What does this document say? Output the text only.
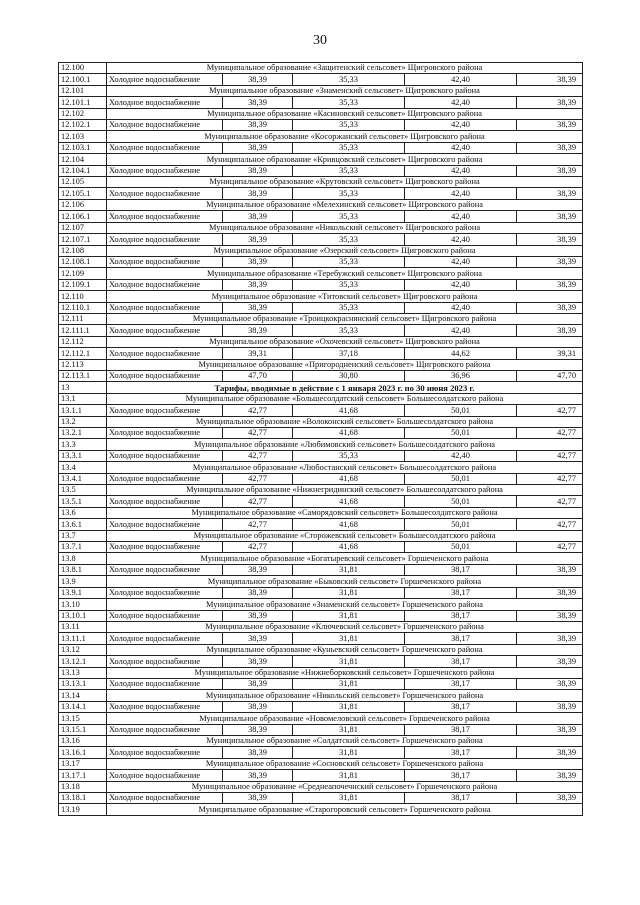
30
12.100	Муниципальное образование «Защитенский сельсовет» Щигровского района				
12.100.1	Холодное водоснабжение	38,39	35,33	42,40	38,39
12.101	Муниципальное образование «Знаменский сельсовет» Щигровского района				
12.101.1	Холодное водоснабжение	38,39	35,33	42,40	38,39
12.102	Муниципальное образование «Касиновский сельсовет» Щигровского района				
12.102.1	Холодное водоснабжение	38,39	35,33	42,40	38,39
12.103	Муниципальное образование «Косоржанский сельсовет» Щигровского района				
12.103.1	Холодное водоснабжение	38,39	35,33	42,40	38,39
12.104	Муниципальное образование «Кривцовский сельсовет» Щигровского района				
12.104.1	Холодное водоснабжение	38,39	35,33	42,40	38,39
12.105	Муниципальное образование «Крутовский сельсовет» Щигровского района				
12.105.1	Холодное водоснабжение	38,39	35,33	42,40	38,39
12.106	Муниципальное образование «Мелехинский сельсовет» Щигровского района				
12.106.1	Холодное водоснабжение	38,39	35,33	42,40	38,39
12.107	Муниципальное образование «Никольский сельсовет» Щигровского района				
12.107.1	Холодное водоснабжение	38,39	35,33	42,40	38,39
12.108	Муниципальное образование «Озерский сельсовет» Щигровского района				
12.108.1	Холодное водоснабжение	38,39	35,33	42,40	38,39
12.109	Муниципальное образование «Теребужский сельсовет» Щигровского района				
12.109.1	Холодное водоснабжение	38,39	35,33	42,40	38,39
12.110	Муниципальное образование «Титовский сельсовет» Щигровского района				
12.110.1	Холодное водоснабжение	38,39	35,33	42,40	38,39
12.111	Муниципальное образование «Троицкокраснянский сельсовет» Щигровского района				
12.111.1	Холодное водоснабжение	38,39	35,33	42,40	38,39
12.112	Муниципальное образование «Охочевский сельсовет» Щигровского района				
12.112.1	Холодное водоснабжение	39,31	37,18	44,62	39,31
12.113	Муниципальное образование «Пригородненский сельсовет» Щигровского района				
12.113.1	Холодное водоснабжение	47,70	30,80	36,96	47,70
13	Тарифы, вводимые в действие с 1 января 2023 г. по 30 июня 2023 г.				
13.1	Муниципальное образование «Большесолдатский сельсовет» Большесолдатского района				
13.1.1	Холодное водоснабжение	42,77	41,68	50,01	42,77
13.2	Муниципальное образование «Волоконский сельсовет» Большесолдатского района				
13.2.1	Холодное водоснабжение	42,77	41,68	50,01	42,77
13.3	Муниципальное образование «Любимовский сельсовет» Большесолдатского района				
13.3.1	Холодное водоснабжение	42,77	35,33	42,40	42,77
13.4	Муниципальное образование «Любостанский сельсовет» Большесолдатского района				
13.4.1	Холодное водоснабжение	42,77	41,68	50,01	42,77
13.5	Муниципальное образование «Нижнегридинский сельсовет» Большесолдатского района				
13.5.1	Холодное водоснабжение	42,77	41,68	50,01	42,77
13.6	Муниципальное образование «Саморядовский сельсовет» Большесолдатского района				
13.6.1	Холодное водоснабжение	42,77	41,68	50,01	42,77
13.7	Муниципальное образование «Сторожевский сельсовет» Большесолдатского района				
13.7.1	Холодное водоснабжение	42,77	41,68	50,01	42,77
13.8	Муниципальное образование «Богатыревский сельсовет» Горшеченского района				
13.8.1	Холодное водоснабжение	38,39	31,81	38,17	38,39
13.9	Муниципальное образование «Быковский сельсовет» Горшеченского района				
13.9.1	Холодное водоснабжение	38,39	31,81	38,17	38,39
13.10	Муниципальное образование «Знаменский сельсовет» Горшеченского района				
13.10.1	Холодное водоснабжение	38,39	31,81	38,17	38,39
13.11	Муниципальное образование «Ключевский сельсовет» Горшеченского района				
13.11.1	Холодное водоснабжение	38,39	31,81	38,17	38,39
13.12	Муниципальное образование «Куньевский сельсовет» Горшеченского района				
13.12.1	Холодное водоснабжение	38,39	31,81	38,17	38,39
13.13	Муниципальное образование «Нижнеборковский сельсовет» Горшеченского района				
13.13.1	Холодное водоснабжение	38,39	31,81	38,17	38,39
13.14	Муниципальное образование «Никольский сельсовет» Горшеченского района				
13.14.1	Холодное водоснабжение	38,39	31,81	38,17	38,39
13.15	Муниципальное образование «Новомеловский сельсовет» Горшеченского района				
13.15.1	Холодное водоснабжение	38,39	31,81	38,17	38,39
13.16	Муниципальное образование «Солдатский сельсовет» Горшеченского района				
13.16.1	Холодное водоснабжение	38,39	31,81	38,17	38,39
13.17	Муниципальное образование «Сосновский сельсовет» Горшеченского района				
13.17.1	Холодное водоснабжение	38,39	31,81	38,17	38,39
13.18	Муниципальное образование «Среднеапочечнский сельсовет» Горшеченского района				
13.18.1	Холодное водоснабжение	38,39	31,81	38,17	38,39
13.19	Муниципальное образование «Старогоровский сельсовет» Горшеченского района				
